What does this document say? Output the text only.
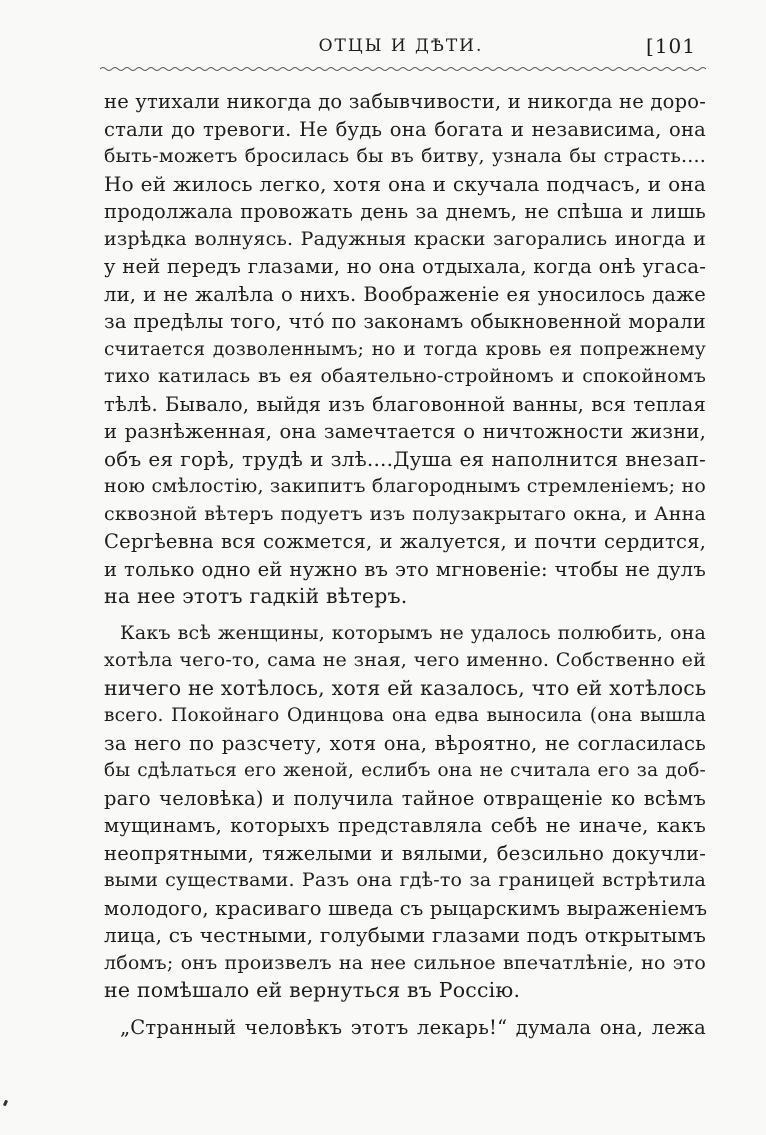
ОТЦЫ И ДѢТИ.	[101
не утихали никогда до забывчивости, и никогда не доро-
стали до тревоги. Не будь она богата и независима, она
быть-можетъ бросилась бы въ битву, узнала бы страсть....
Но ей жилось легко, хотя она и скучала подчасъ, и она
продолжала провожать день за днемъ, не спѣша и лишь
изрѣдка волнуясь. Радужныя краски загорались иногда и
у ней передъ глазами, но она отдыхала, когда онѣ угаса-
ли, и не жалѣла о нихъ. Воображеніе ея уносилось даже
за предѣлы того, что́ по законамъ обыкновенной морали
считается дозволеннымъ; но и тогда кровь ея попрежнему
тихо катилась въ ея обаятельно-стройномъ и спокойномъ
тѣлѣ. Бывало, выйдя изъ благовонной ванны, вся теплая
и разнѣженная, она замечтается о ничтожности жизни,
объ ея горѣ, трудѣ и злѣ....Душа ея наполнится внезап-
ною смѣлостію, закипитъ благороднымъ стремленіемъ; но
сквозной вѣтеръ подуетъ изъ полузакрытаго окна, и Анна
Сергѣевна вся сожмется, и жалуется, и почти сердится,
и только одно ей нужно въ это мгновеніе: чтобы не дулъ
на нее этотъ гадкій вѣтеръ.
Какъ всѣ женщины, которымъ не удалось полюбить, она
хотѣла чего-то, сама не зная, чего именно. Собственно ей
ничего не хотѣлось, хотя ей казалось, что ей хотѣлось
всего. Покойнаго Одинцова она едва выносила (она вышла
за него по разсчету, хотя она, вѣроятно, не согласилась
бы сдѣлаться его женой, еслибъ она не считала его за доб-
раго человѣка) и получила тайное отвращеніе ко всѣмъ
мущинамъ, которыхъ представляла себѣ не иначе, какъ
неопрятными, тяжелыми и вялыми, безсильно докучли-
выми существами. Разъ она гдѣ-то за границей встрѣтила
молодого, красиваго шведа съ рыцарскимъ выраженіемъ
лица, съ честными, голубыми глазами подъ открытымъ
лбомъ; онъ произвелъ на нее сильное впечатлѣніе, но это
не помѣшало ей вернуться въ Россію.
„Странный человѣкъ этотъ лекарь!“ думала она, лежа
